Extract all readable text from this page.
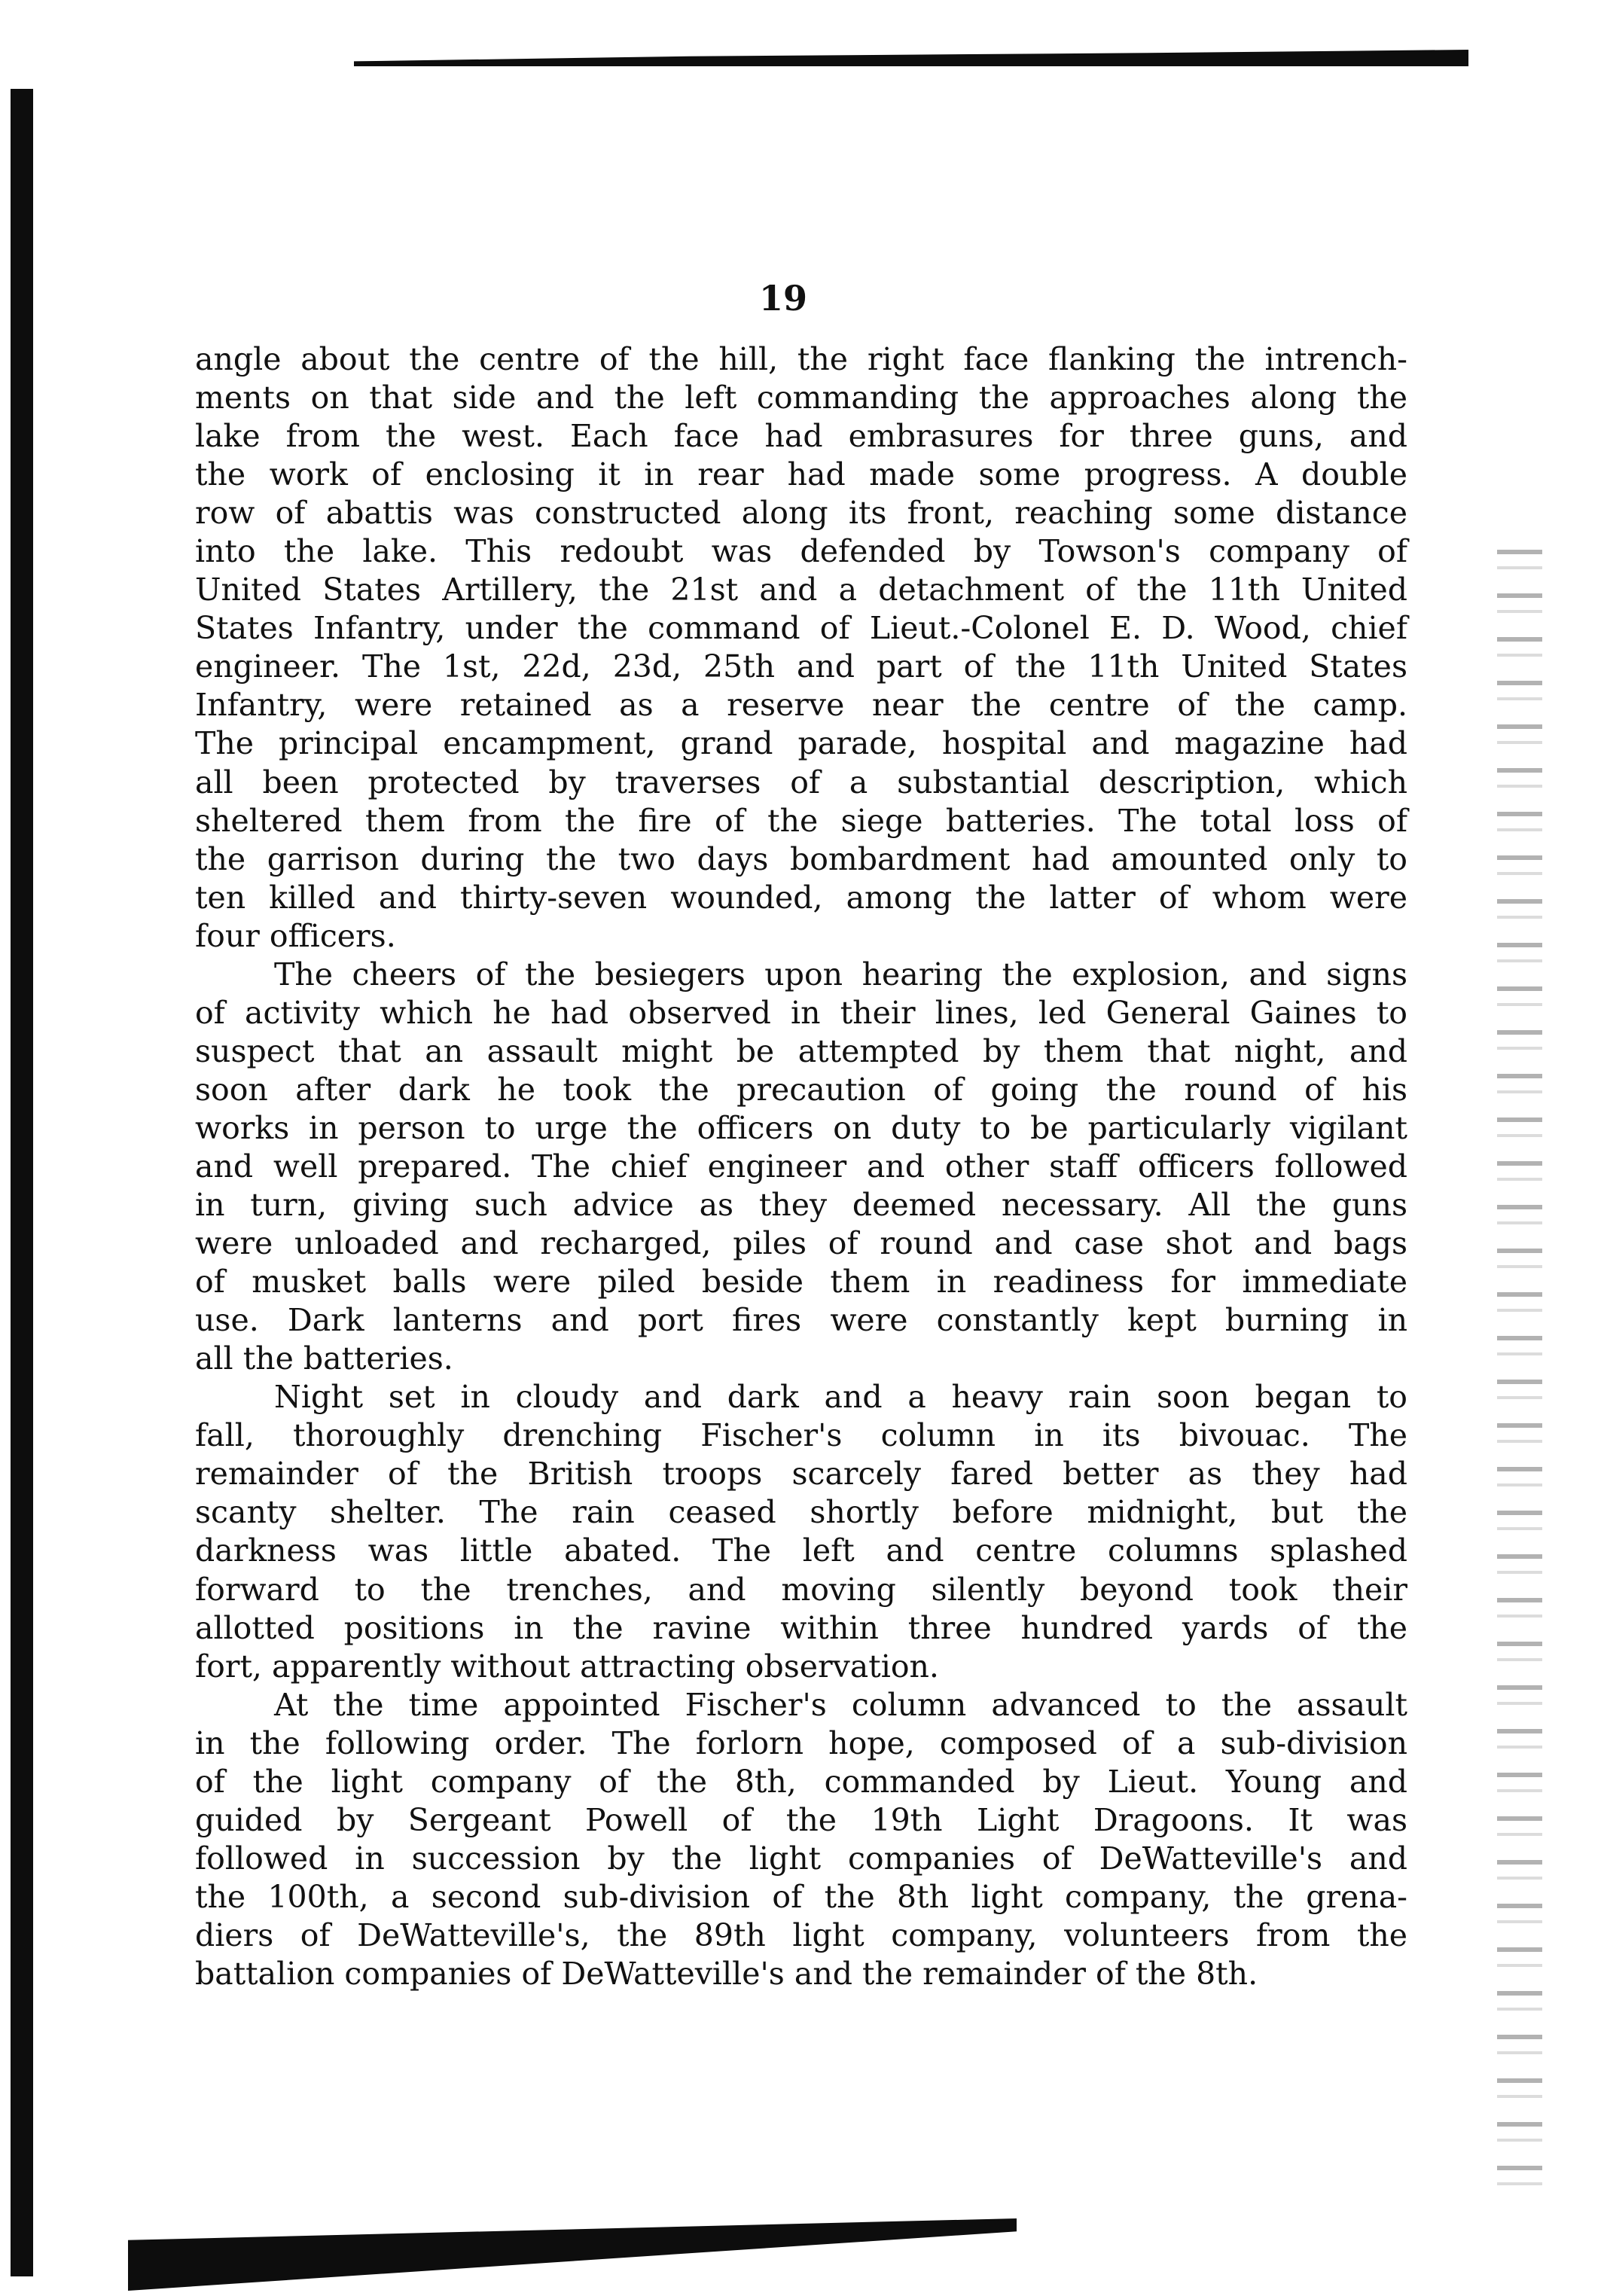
19
angle about the centre of the hill, the right face flanking the intrench-
ments on that side and the left commanding the approaches along the
lake from the west. Each face had embrasures for three guns, and
the work of enclosing it in rear had made some progress. A double
row of abattis was constructed along its front, reaching some distance
into the lake. This redoubt was defended by Towson's company of
United States Artillery, the 21st and a detachment of the 11th United
States Infantry, under the command of Lieut.-Colonel E. D. Wood, chief
engineer. The 1st, 22d, 23d, 25th and part of the 11th United States
Infantry, were retained as a reserve near the centre of the camp.
The principal encampment, grand parade, hospital and magazine had
all been protected by traverses of a substantial description, which
sheltered them from the fire of the siege batteries. The total loss of
the garrison during the two days bombardment had amounted only to
ten killed and thirty-seven wounded, among the latter of whom were
four officers.
The cheers of the besiegers upon hearing the explosion, and signs
of activity which he had observed in their lines, led General Gaines to
suspect that an assault might be attempted by them that night, and
soon after dark he took the precaution of going the round of his
works in person to urge the officers on duty to be particularly vigilant
and well prepared. The chief engineer and other staff officers followed
in turn, giving such advice as they deemed necessary. All the guns
were unloaded and recharged, piles of round and case shot and bags
of musket balls were piled beside them in readiness for immediate
use. Dark lanterns and port fires were constantly kept burning in
all the batteries.
Night set in cloudy and dark and a heavy rain soon began to
fall, thoroughly drenching Fischer's column in its bivouac. The
remainder of the British troops scarcely fared better as they had
scanty shelter. The rain ceased shortly before midnight, but the
darkness was little abated. The left and centre columns splashed
forward to the trenches, and moving silently beyond took their
allotted positions in the ravine within three hundred yards of the
fort, apparently without attracting observation.
At the time appointed Fischer's column advanced to the assault
in the following order. The forlorn hope, composed of a sub-division
of the light company of the 8th, commanded by Lieut. Young and
guided by Sergeant Powell of the 19th Light Dragoons. It was
followed in succession by the light companies of DeWatteville's and
the 100th, a second sub-division of the 8th light company, the grena-
diers of DeWatteville's, the 89th light company, volunteers from the
battalion companies of DeWatteville's and the remainder of the 8th.
